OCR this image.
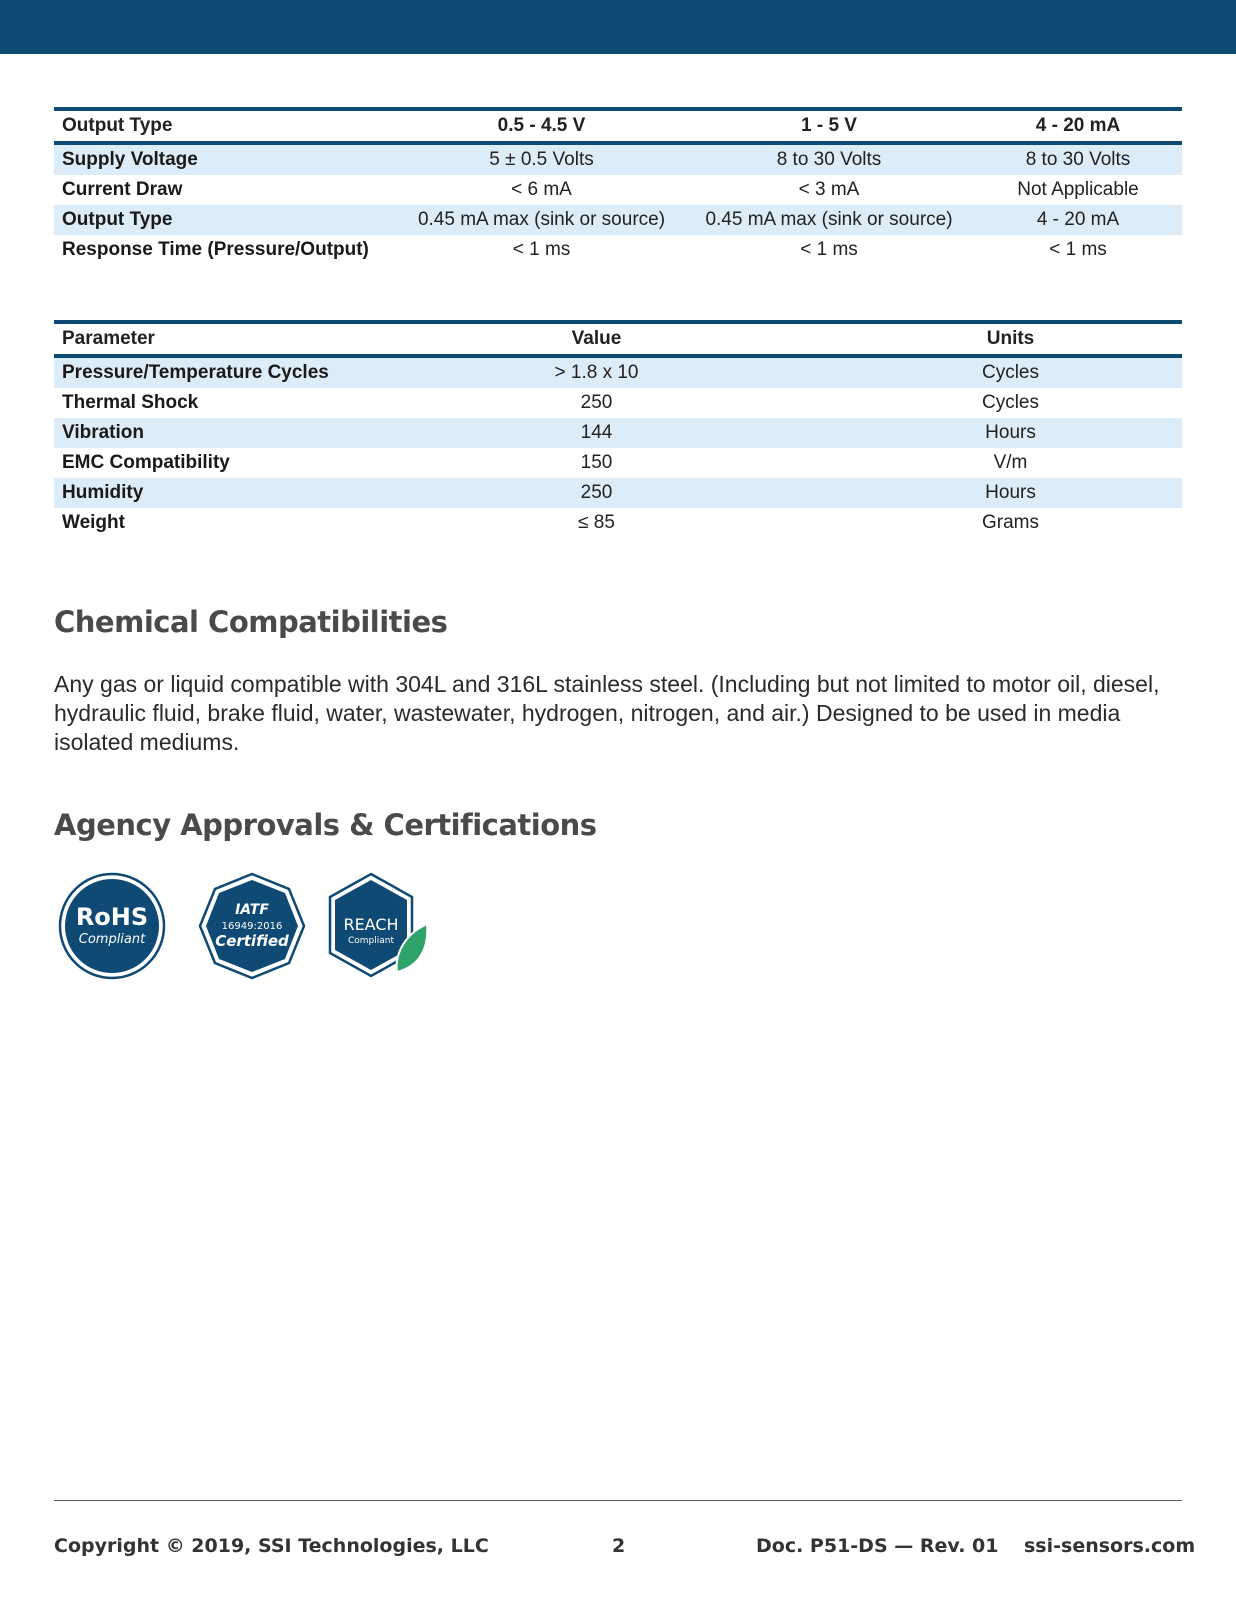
Output Type	0.5 - 4.5 V	1 - 5 V	4 - 20 mA
Supply Voltage	5 ± 0.5 Volts	8 to 30 Volts	8 to 30 Volts
Current Draw	< 6 mA	< 3 mA	Not Applicable
Output Type	0.45 mA max (sink or source)	0.45 mA max (sink or source)	4 - 20 mA
Response Time (Pressure/Output)	< 1 ms	< 1 ms	< 1 ms
Parameter	Value	Units
Pressure/Temperature Cycles	> 1.8 x 10	Cycles
Thermal Shock	250	Cycles
Vibration	144	Hours
EMC Compatibility	150	V/m
Humidity	250	Hours
Weight	≤ 85	Grams
Chemical Compatibilities

Any gas or liquid compatible with 304L and 316L stainless steel. (Including but not limited to motor oil, diesel, hydraulic fluid, brake fluid, water, wastewater, hydrogen, nitrogen, and air.) Designed to be used in media isolated mediums.

Agency Approvals & Certifications
RoHS
Compliant
IATF
16949:2016
Certified
REACH
Compliant
Copyright © 2019, SSI Technologies, LLC	2	Doc. P51-DS — Rev. 01 ssi-sensors.com
